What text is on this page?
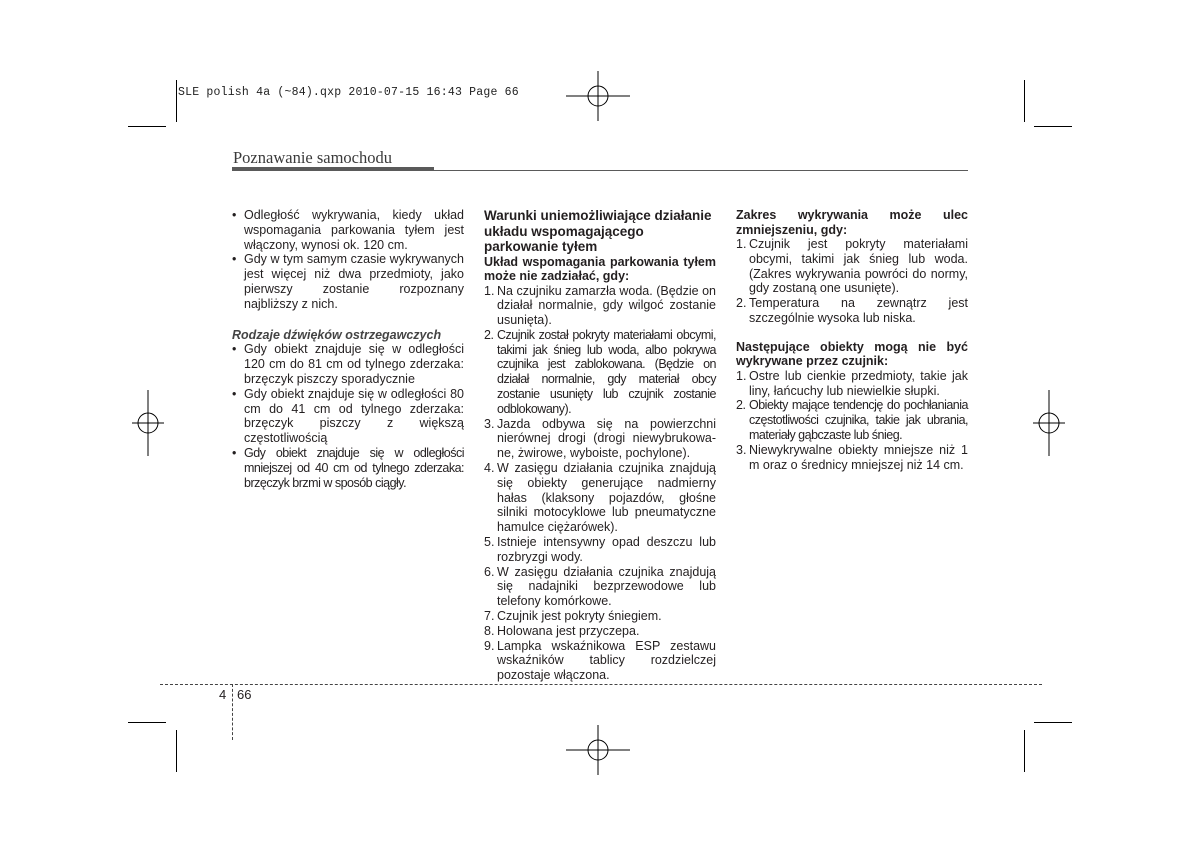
SLE polish 4a (~84).qxp 2010-07-15 16:43 Page 66
Poznawanie samochodu
• Odległość wykrywania, kiedy układ wspomagania parkowania tyłem jest włączony, wynosi ok. 120 cm.
• Gdy w tym samym czasie wykrywanych jest więcej niż dwa przedmioty, jako pierwszy zostanie rozpoznany najbliższy z nich.

Rodzaje dźwięków ostrzegawczych

• Gdy obiekt znajduje się w odległości 120 cm do 81 cm od tylnego zderzaka: brzęczyk piszczy sporadycznie
• Gdy obiekt znajduje się w odległości 80 cm do 41 cm od tylnego zderzaka: brzęczyk piszczy z większą częstotliwością
• Gdy obiekt znajduje się w odległości mniejszej od 40 cm od tylnego zderzaka: brzęczyk brzmi w sposób ciągły.

Warunki uniemożliwiające działanie układu wspomagającego parkowanie tyłem

Układ wspomagania parkowania tyłem może nie zadziałać, gdy:

1. Na czujniku zamarzła woda. (Będzie on działał normalnie, gdy wilgoć zostanie usunięta).
2. Czujnik został pokryty materiałami obcymi, takimi jak śnieg lub woda, albo pokrywa czujnika jest zablokowana. (Będzie on działał normalnie, gdy materiał obcy zostanie usunięty lub czujnik zostanie odblokowany).
3. Jazda odbywa się na powierzchni nierównej drogi (drogi niewybrukowa- ne, żwirowe, wyboiste, pochylone).
4. W zasięgu działania czujnika znajdują się obiekty generujące nadmierny hałas (klaksony pojazdów, głośne silniki motocyklowe lub pneumatyczne hamulce ciężarówek).
5. Istnieje intensywny opad deszczu lub rozbryzgi wody.
6. W zasięgu działania czujnika znajdują się nadajniki bezprzewodowe lub telefony komórkowe.
7. Czujnik jest pokryty śniegiem.
8. Holowana jest przyczepa.
9. Lampka wskaźnikowa ESP zestawu wskaźników tablicy rozdzielczej pozostaje włączona.

Zakres wykrywania może ulec zmniejszeniu, gdy:

1. Czujnik jest pokryty materiałami obcymi, takimi jak śnieg lub woda. (Zakres wykrywania powróci do normy, gdy zostaną one usunięte).
2. Temperatura na zewnątrz jest szczególnie wysoka lub niska.

Następujące obiekty mogą nie być wykrywane przez czujnik:

1. Ostre lub cienkie przedmioty, takie jak liny, łańcuchy lub niewielkie słupki.
2. Obiekty mające tendencję do pochłaniania częstotliwości czujnika, takie jak ubrania, materiały gąbczaste lub śnieg.
3. Niewykrywalne obiekty mniejsze niż 1 m oraz o średnicy mniejszej niż 14 cm.
4 66
